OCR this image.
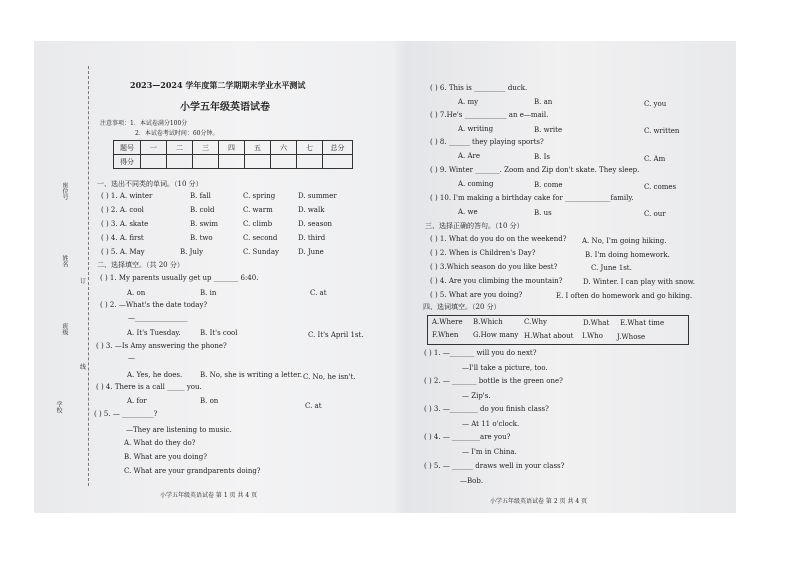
座位号
姓名
班级
学校
订
线
2023—2024 学年度第二学期期末学业水平测试
小学五年级英语试卷
注意事项：1．本试卷满分100分
2．本试卷考试时间：60分钟。
题号	一	二	三	四	五	六	七	总分
得分								
一、选出不同类的单词。（10 分）
( ) 1. A. winter	B. fall	C. spring	D. summer
( ) 2. A. cool	B. cold	C. warm	D. walk
( ) 3. A. skate	B. swim	C. climb	D. season
( ) 4. A. first	B. two	C. second	D. third
( ) 5. A. May	B. July	C. Sunday	D. June
二、选择填空。（共 20 分）
( ) 1. My parents usually get up _______ 6:40.
A. on	B. in	C. at
( ) 2. —What's the date today?
—_______________
A. It's Tuesday.	B. It's cool	C. It's April 1st.
( ) 3. —Is Amy answering the phone?
—
A. Yes, he does.	B. No, she is writing a letter. C. No, he isn't.
( ) 4. There is a call _____ you.
A. for	B. on
C. at
( ) 5. — _________?
—They are listening to music.
A. What do they do?
B. What are you doing?
C. What are your grandparents doing?
小学五年级英语试卷 第 1 页 共 4 页
( ) 6. This is _________ duck.
A. my	B. an	C. you
( ) 7.He's ____________ an e—mail.
A. writing	B. write	C. written
( ) 8. ______ they playing sports?
A. Are	B. Is	C. Am
( ) 9. Winter _______. Zoom and Zip don't skate. They sleep.
A. coming	B. come	C. comes
( ) 10. I'm making a birthday cake for _____________family.
A. we	B. us	C. our
三、选择正确的答句。（10 分）
( ) 1. What do you do on the weekend? A. No, I'm going hiking.
( ) 2. When is Children's Day?	B. I'm doing homework.
( ) 3.Which season do you like best?	C. June 1st.
( ) 4. Are you climbing the mountain?	D. Winter. I can play with snow.
( ) 5. What are you doing?	E. I often do homework and go hiking.
四、选词填空。（20 分）
A.Where B.Which	C.Why	D.What E.What time
F.When G.How many H.What about I.Who J.Whose
( ) 1. —_______ will you do next?
—I'll take a picture, too.
( ) 2. — _______ bottle is the green one?
— Zip's.
( ) 3. —________ do you finish class?
— At 11 o'clock.
( ) 4. — ________are you?
— I'm in China.
( ) 5. — ______ draws well in your class?
—Bob.
小学五年级英语试卷 第 2 页 共 4 页
